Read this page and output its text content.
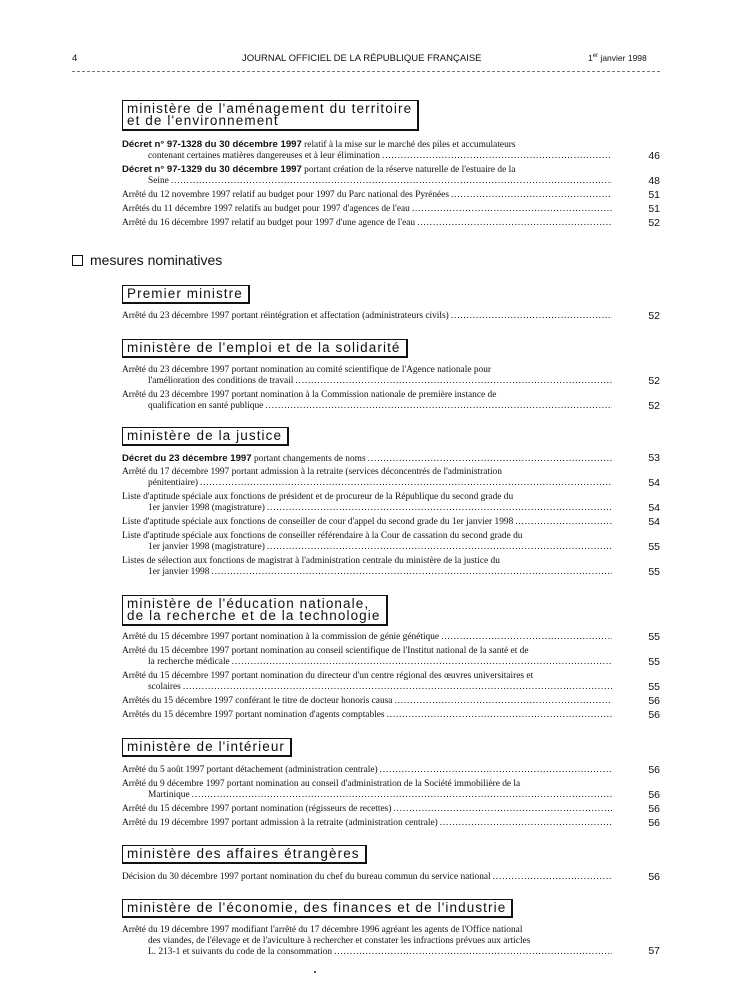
4	JOURNAL OFFICIEL DE LA RÉPUBLIQUE FRANÇAISE	1er janvier 1998
ministère de l'aménagement du territoire
et de l'environnement
Décret n° 97-1328 du 30 décembre 1997 relatif à la mise sur le marché des piles et accumulateurs
contenant certaines matières dangereuses et à leur élimination .....	46
Décret n° 97-1329 du 30 décembre 1997 portant création de la réserve naturelle de l'estuaire de la
Seine .....	48
Arrêté du 12 novembre 1997 relatif au budget pour 1997 du Parc national des Pyrénées .....	51
Arrêtés du 11 décembre 1997 relatifs au budget pour 1997 d'agences de l'eau .....	51
Arrêté du 16 décembre 1997 relatif au budget pour 1997 d'une agence de l'eau .....	52
mesures nominatives
Premier ministre
Arrêté du 23 décembre 1997 portant réintégration et affectation (administrateurs civils) .....	52
ministère de l'emploi et de la solidarité
Arrêté du 23 décembre 1997 portant nomination au comité scientifique de l'Agence nationale pour
l'amélioration des conditions de travail .....	52
Arrêté du 23 décembre 1997 portant nomination à la Commission nationale de première instance de
qualification en santé publique .....	52
ministère de la justice
Décret du 23 décembre 1997 portant changements de noms .....	53
Arrêté du 17 décembre 1997 portant admission à la retraite (services déconcentrés de l'administration
pénitentiaire) .....	54
Liste d'aptitude spéciale aux fonctions de président et de procureur de la République du second grade du
1er janvier 1998 (magistrature) .....	54
Liste d'aptitude spéciale aux fonctions de conseiller de cour d'appel du second grade du 1er janvier 1998 .....	54
Liste d'aptitude spéciale aux fonctions de conseiller référendaire à la Cour de cassation du second grade du
1er janvier 1998 (magistrature) .....	55
Listes de sélection aux fonctions de magistrat à l'administration centrale du ministère de la justice du
1er janvier 1998 .....	55
ministère de l'éducation nationale,
de la recherche et de la technologie
Arrêté du 15 décembre 1997 portant nomination à la commission de génie génétique .....	55
Arrêté du 15 décembre 1997 portant nomination au conseil scientifique de l'Institut national de la santé et de
la recherche médicale .....	55
Arrêté du 15 décembre 1997 portant nomination du directeur d'un centre régional des œuvres universitaires et
scolaires .....	55
Arrêtés du 15 décembre 1997 conférant le titre de docteur honoris causa .....	56
Arrêtés du 15 décembre 1997 portant nomination d'agents comptables .....	56
ministère de l'intérieur
Arrêté du 5 août 1997 portant détachement (administration centrale) .....	56
Arrêté du 9 décembre 1997 portant nomination au conseil d'administration de la Société immobilière de la
Martinique .....	56
Arrêté du 15 décembre 1997 portant nomination (régisseurs de recettes) .....	56
Arrêté du 19 décembre 1997 portant admission à la retraite (administration centrale) .....	56
ministère des affaires étrangères
Décision du 30 décembre 1997 portant nomination du chef du bureau commun du service national .....	56
ministère de l'économie, des finances et de l'industrie
Arrêté du 19 décembre 1997 modifiant l'arrêté du 17 décembre 1996 agréant les agents de l'Office national
des viandes, de l'élevage et de l'aviculture à rechercher et constater les infractions prévues aux articles
L. 213-1 et suivants du code de la consommation .....	57
